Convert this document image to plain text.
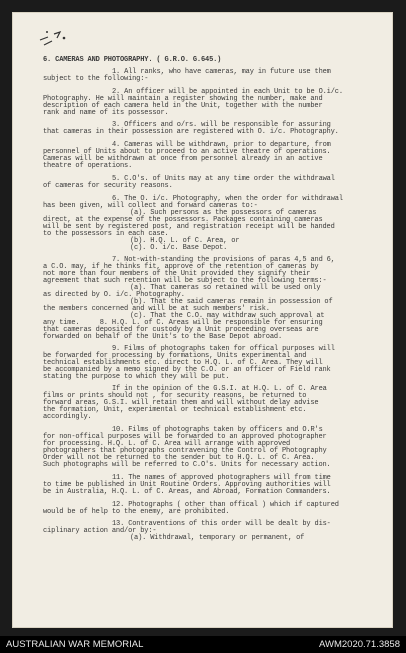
6. CAMERAS AND PHOTOGRAPHY. ( G.R.O. G.645.)
1. All ranks, who have cameras, may in future use them
subject to the following:-
2. An officer will be appointed in each Unit to be O.i/c.
Photography. He will maintain a register showing the number, make and
description of each camera held in the Unit, together with the number
rank and name of its possessor.
3. Officers and o/rs. will be responsible for assuring
that cameras in their possession are registered with O. i/c. Photography.
4. Cameras will be withdrawn, prior to departure, from
personnel of Units about to proceed to an active theatre of operations.
Cameras will be withdrawn at once from personnel already in an active
theatre of operations.
5. C.O's. of Units may at any time order the withdrawal
of cameras for security reasons.
6. The O. i/c. Photography, when the order for withdrawal
has been given, will collect and forward cameras to:-
(a). Such persons as the possessors of cameras
direct, at the expense of the possessors. Packages containing cameras
will be sent by registered post, and registration receipt will be handed
to the possessors in each case.
(b). H.Q. L. of C. Area, or
(c). O. i/c. Base Depot.
7. Not-with-standing the provisions of paras 4,5 and 6,
a C.O. may, if he thinks fit, approve of the retention of cameras by
not more than four members of the Unit provided they signify their
agreement that such retention will be subject to the following terms:-
(a). That cameras so retained will be used only
as directed by O. i/c. Photography.
(b). That the said cameras remain in possession of
the members concerned and will be at such members' risk.
(c). That the C.O. may withdraw such approval at
any time.     8. H.Q. L. of C. Areas will be responsible for ensuring
that cameras deposited for custody by a Unit proceeding overseas are
forwarded on behalf of the Unit's to the Base Depot abroad.
9. Films of photographs taken for offical purposes will
be forwarded for processing by formations, Units experimental and
technical establishments etc. direct to H.Q. L. of C. Area. They will
be accompanied by a memo signed by the C.O. or an officer of Field rank
stating the purpose to which they will be put.
If in the opinion of the G.S.I. at H.Q. L. of C. Area
films or prints should not , for security reasons, be returned to
forward areas, G.S.I. will retain them and will without delay advise
the formation, Unit, experimental or technical establishment etc.
accordingly.
10. Films of photographs taken by officers and O.R's
for non-offical purposes will be forwarded to an approved photographer
for processing. H.Q. L. of C. Area will arrange with approved
photographers that photographs contravening the Control of Photography
Order will not be returned to the sender but to H.Q. L. of C. Area.
Such photographs will be referred to C.O's. Units for necessary action.
11. The names of approved photographers will from time
to time be published in Unit Routine Orders. Approving authorities will
be in Australia, H.Q. L. of C. Areas, and Abroad, Formation Commanders.
12. Photographs ( other than offical ) which if captured
would be of help to the enemy, are prohibited.
13. Contraventions of this order will be dealt by dis-
ciplinary action and/or by:-
(a). Withdrawal, temporary or permanent, of
AUSTRALIAN WAR MEMORIAL	AWM2020.71.3858
